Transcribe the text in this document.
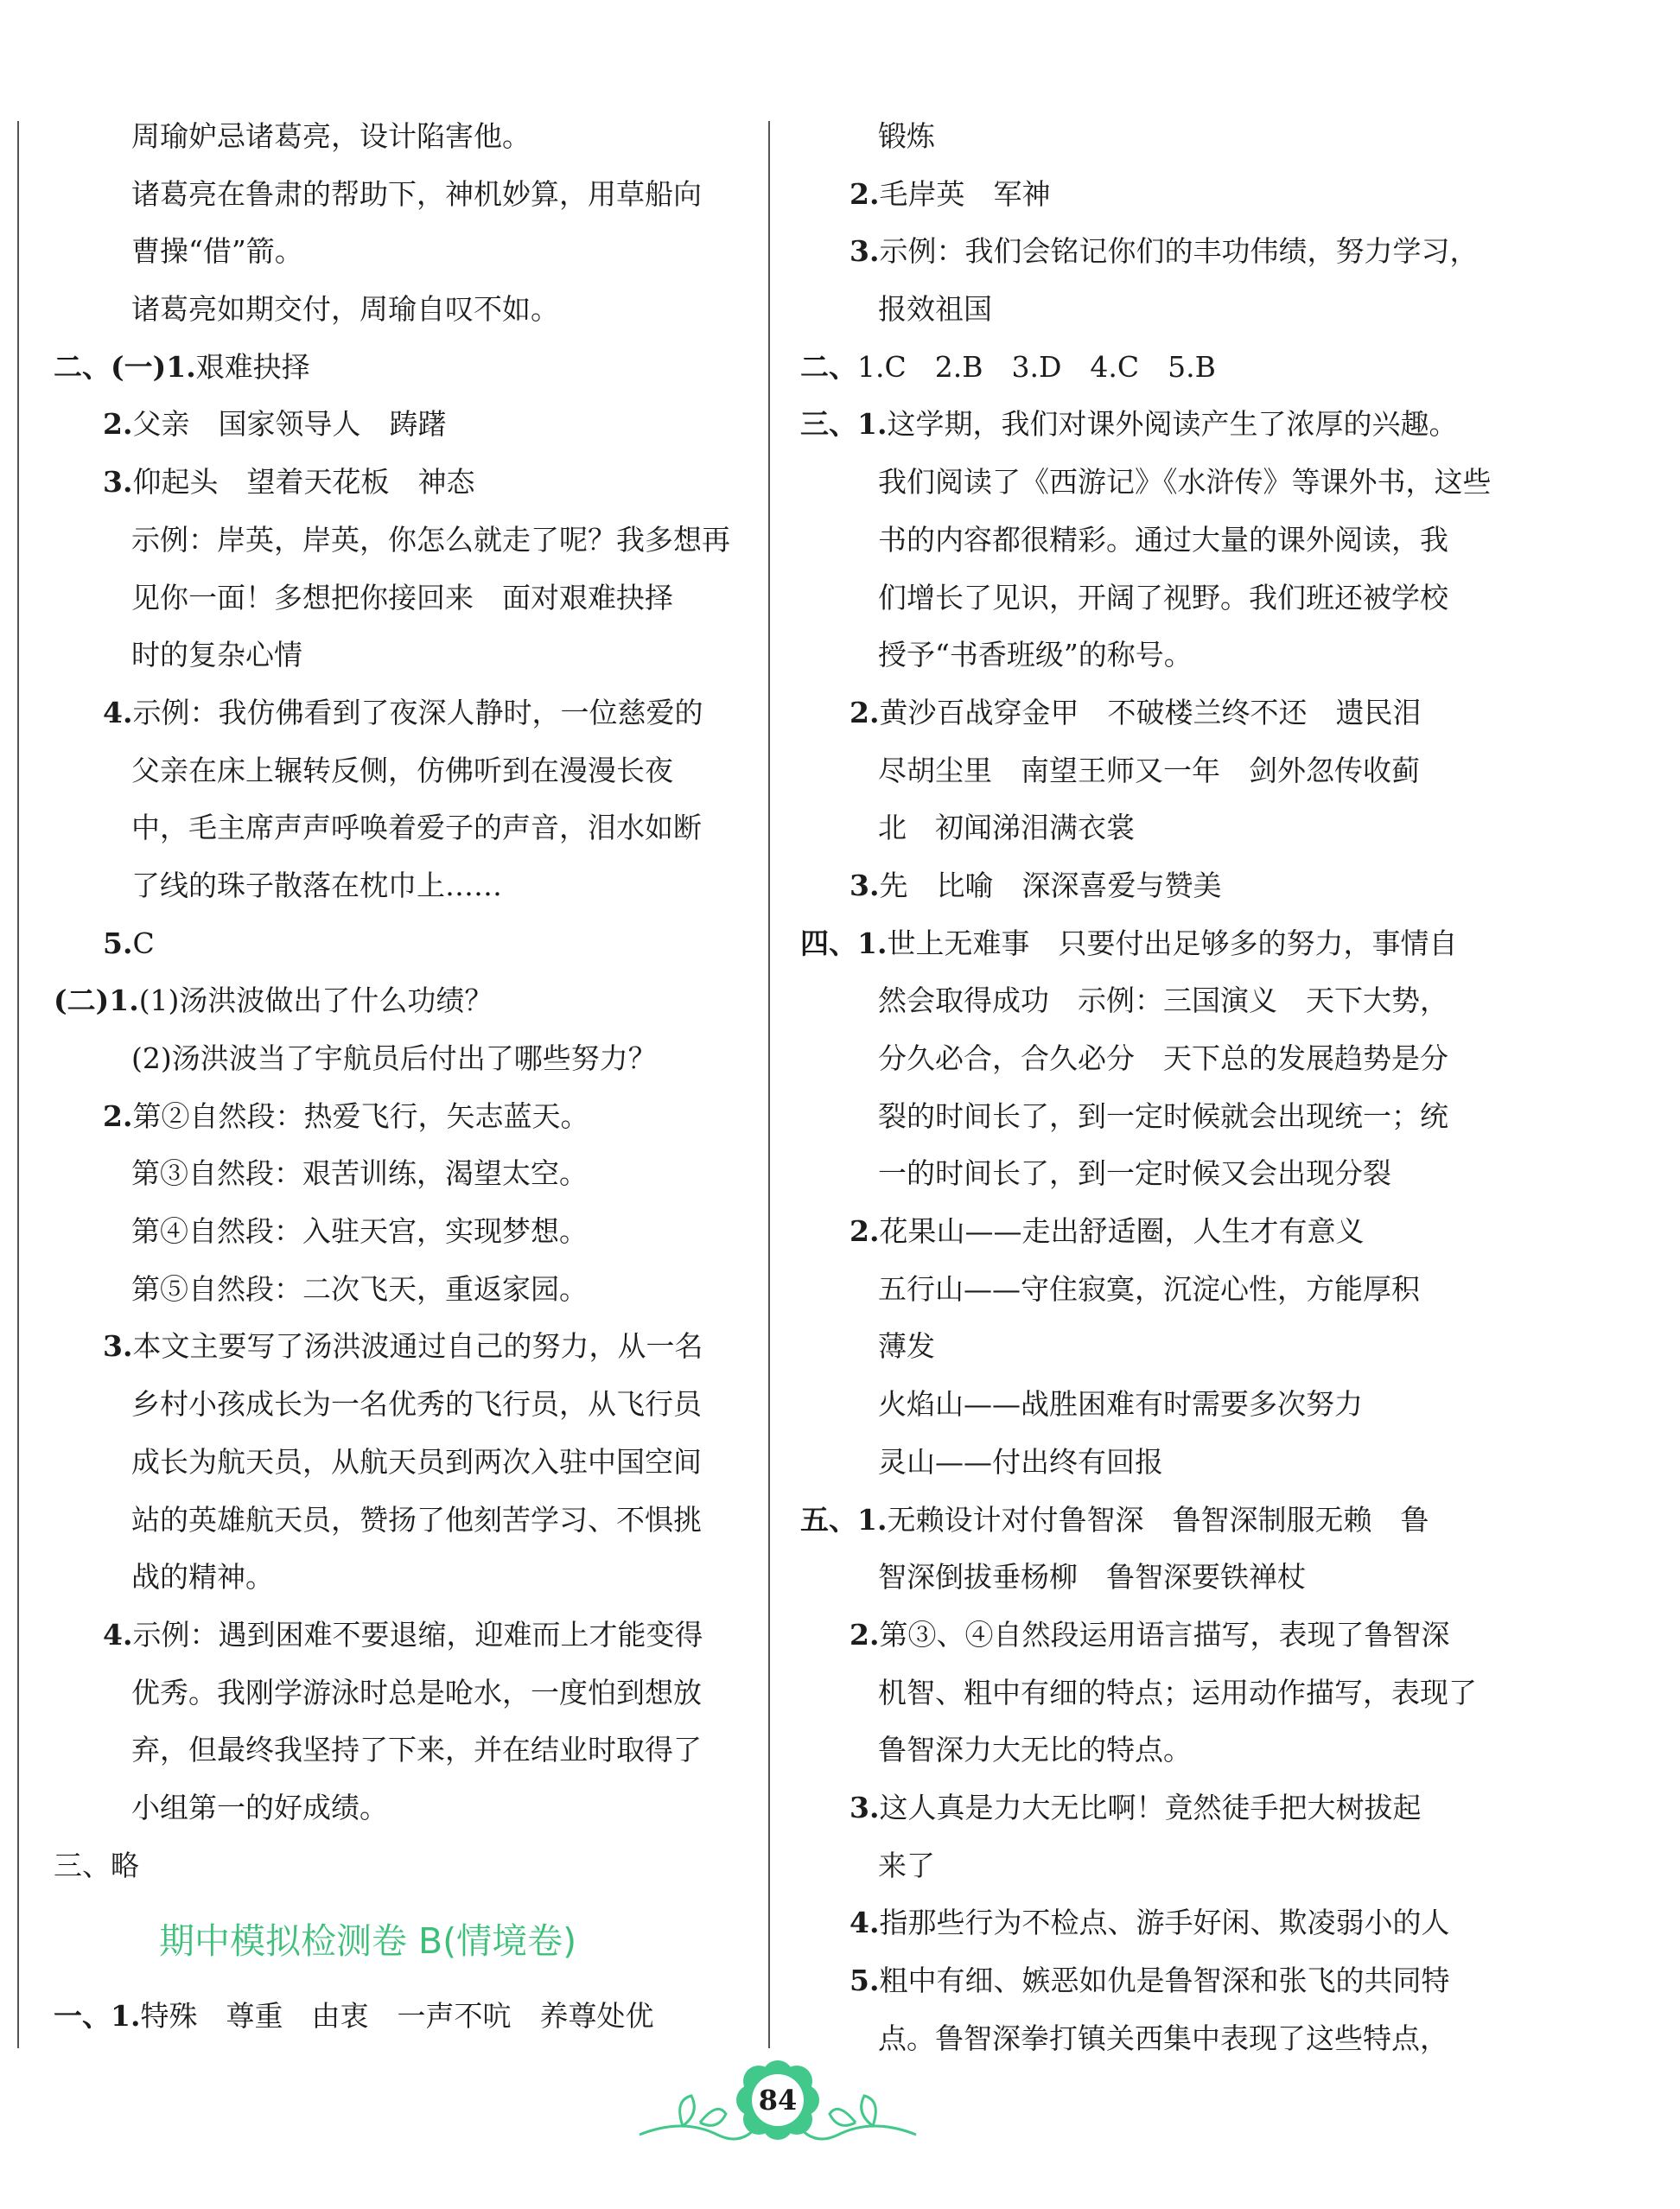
周瑜妒忌诸葛亮，设计陷害他。
诸葛亮在鲁肃的帮助下，神机妙算，用草船向
曹操“借”箭。
诸葛亮如期交付，周瑜自叹不如。
二、(一)1.艰难抉择
2.父亲　国家领导人　踌躇
3.仰起头　望着天花板　神态
示例：岸英，岸英，你怎么就走了呢？我多想再
见你一面！多想把你接回来　面对艰难抉择
时的复杂心情
4.示例：我仿佛看到了夜深人静时，一位慈爱的
父亲在床上辗转反侧，仿佛听到在漫漫长夜
中，毛主席声声呼唤着爱子的声音，泪水如断
了线的珠子散落在枕巾上……
5.C
(二)1.(1)汤洪波做出了什么功绩？
(2)汤洪波当了宇航员后付出了哪些努力？
2.第②自然段：热爱飞行，矢志蓝天。
第③自然段：艰苦训练，渴望太空。
第④自然段：入驻天宫，实现梦想。
第⑤自然段：二次飞天，重返家园。
3.本文主要写了汤洪波通过自己的努力，从一名
乡村小孩成长为一名优秀的飞行员，从飞行员
成长为航天员，从航天员到两次入驻中国空间
站的英雄航天员，赞扬了他刻苦学习、不惧挑
战的精神。
4.示例：遇到困难不要退缩，迎难而上才能变得
优秀。我刚学游泳时总是呛水，一度怕到想放
弃，但最终我坚持了下来，并在结业时取得了
小组第一的好成绩。
三、略
期中模拟检测卷 B(情境卷)
一、1.特殊　尊重　由衷　一声不吭　养尊处优
锻炼
2.毛岸英　军神
3.示例：我们会铭记你们的丰功伟绩，努力学习，
报效祖国
二、1.C　2.B　3.D　4.C　5.B
三、1.这学期，我们对课外阅读产生了浓厚的兴趣。
我们阅读了《西游记》《水浒传》等课外书，这些
书的内容都很精彩。通过大量的课外阅读，我
们增长了见识，开阔了视野。我们班还被学校
授予“书香班级”的称号。
2.黄沙百战穿金甲　不破楼兰终不还　遗民泪
尽胡尘里　南望王师又一年　剑外忽传收蓟
北　初闻涕泪满衣裳
3.先　比喻　深深喜爱与赞美
四、1.世上无难事　只要付出足够多的努力，事情自
然会取得成功　示例：三国演义　天下大势，
分久必合，合久必分　天下总的发展趋势是分
裂的时间长了，到一定时候就会出现统一；统
一的时间长了，到一定时候又会出现分裂
2.花果山——走出舒适圈，人生才有意义
五行山——守住寂寞，沉淀心性，方能厚积
薄发
火焰山——战胜困难有时需要多次努力
灵山——付出终有回报
五、1.无赖设计对付鲁智深　鲁智深制服无赖　鲁
智深倒拔垂杨柳　鲁智深要铁禅杖
2.第③、④自然段运用语言描写，表现了鲁智深
机智、粗中有细的特点；运用动作描写，表现了
鲁智深力大无比的特点。
3.这人真是力大无比啊！竟然徒手把大树拔起
来了
4.指那些行为不检点、游手好闲、欺凌弱小的人
5.粗中有细、嫉恶如仇是鲁智深和张飞的共同特
点。鲁智深拳打镇关西集中表现了这些特点，
84
